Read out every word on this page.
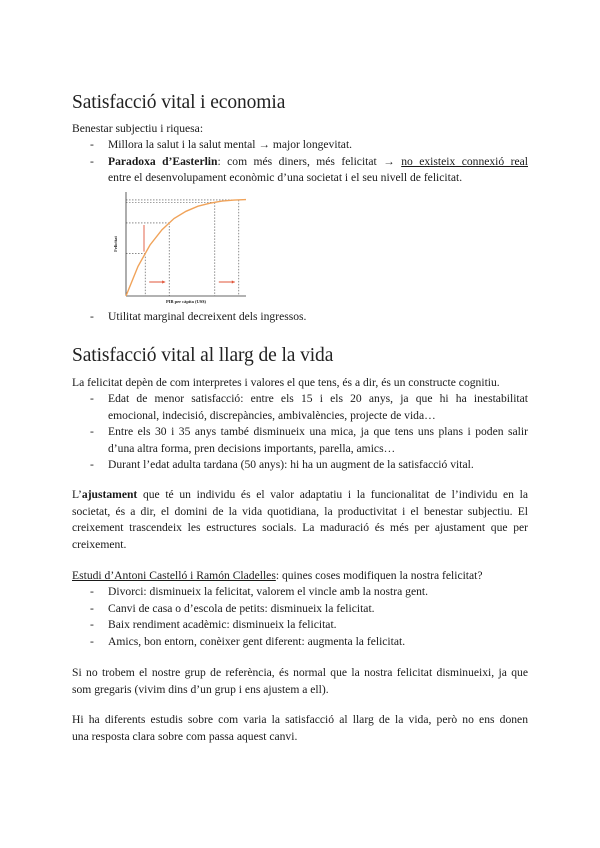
Satisfacció vital i economia

Benestar subjectiu i riquesa:

- Millora la salut i la salut mental → major longevitat.
- Paradoxa d’Easterlin: com més diners, més felicitat → no existeix connexió real
entre el desenvolupament econòmic d’una societat i el seu nivell de felicitat.
Felicitat
PIB per càpita (US$)
- Utilitat marginal decreixent dels ingressos.
Satisfacció vital al llarg de la vida

La felicitat depèn de com interpretes i valores el que tens, és a dir, és un constructe cognitiu.

- Edat de menor satisfacció: entre els 15 i els 20 anys, ja que hi ha inestabilitat
emocional, indecisió, discrepàncies, ambivalències, projecte de vida…
- Entre els 30 i 35 anys també disminueix una mica, ja que tens uns plans i poden salir
d’una altra forma, pren decisions importants, parella, amics…
- Durant l’edat adulta tardana (50 anys): hi ha un augment de la satisfacció vital.
L’ajustament que té un individu és el valor adaptatiu i la funcionalitat de l’individu en la
societat, és a dir, el domini de la vida quotidiana, la productivitat i el benestar subjectiu. El
creixement trascendeix les estructures socials. La maduració és més per ajustament que per
creixement.

Estudi d’Antoni Castelló i Ramón Cladelles: quines coses modifiquen la nostra felicitat?

- Divorci: disminueix la felicitat, valorem el vincle amb la nostra gent.
- Canvi de casa o d’escola de petits: disminueix la felicitat.
- Baix rendiment acadèmic: disminueix la felicitat.
- Amics, bon entorn, conèixer gent diferent: augmenta la felicitat.
Si no trobem el nostre grup de referència, és normal que la nostra felicitat disminueixi, ja que
som gregaris (vivim dins d’un grup i ens ajustem a ell).
Hi ha diferents estudis sobre com varia la satisfacció al llarg de la vida, però no ens donen
una resposta clara sobre com passa aquest canvi.
